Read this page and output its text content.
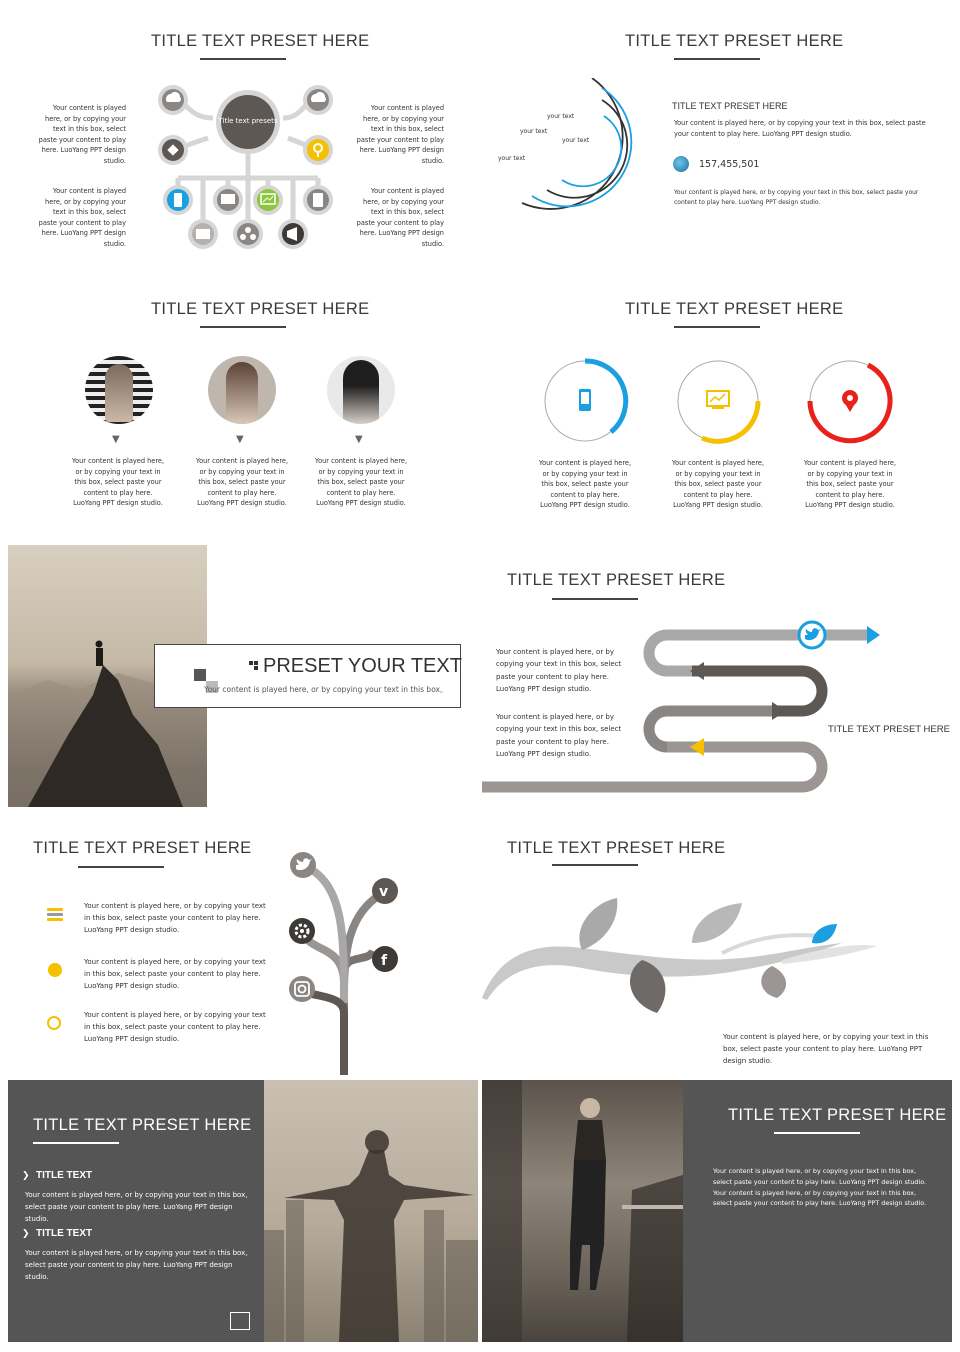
TITLE TEXT PRESET HERE
Your content is played here, or by copying your text in this box, select paste your content to play here. LuoYang PPT design studio.
Your content is played here, or by copying your text in this box, select paste your content to play here. LuoYang PPT design studio.
Your content is played here, or by copying your text in this box, select paste your content to play here. LuoYang PPT design studio.
Your content is played here, or by copying your text in this box, select paste your content to play here. LuoYang PPT design studio.
Title text presets
TITLE TEXT PRESET HERE
your text
your text
your text
your text
TITLE TEXT PRESET HERE
Your content is played here, or by copying your text in this box, select paste your content to play here. LuoYang PPT design studio.
157,455,501
Your content is played here, or by copying your text in this box, select paste your content to play here. LuoYang PPT design studio.
TITLE TEXT PRESET HERE
▼	▼	▼
Your content is played here, or by copying your text in this box, select paste your content to play here. LuoYang PPT design studio.
Your content is played here, or by copying your text in this box, select paste your content to play here. LuoYang PPT design studio.
Your content is played here, or by copying your text in this box, select paste your content to play here. LuoYang PPT design studio.
TITLE TEXT PRESET HERE
Your content is played here, or by copying your text in this box, select paste your content to play here. LuoYang PPT design studio.
Your content is played here, or by copying your text in this box, select paste your content to play here. LuoYang PPT design studio.
Your content is played here, or by copying your text in this box, select paste your content to play here. LuoYang PPT design studio.
PRESET YOUR TEXT
Your content is played here, or by copying your text in this box。
TITLE TEXT PRESET HERE
Your content is played here, or by copying your text in this box, select paste your content to play here. LuoYang PPT design studio.
Your content is played here, or by copying your text in this box, select paste your content to play here. LuoYang PPT design studio.
TITLE TEXT PRESET HERE
TITLE TEXT PRESET HERE
Your content is played here, or by copying your text in this box, select paste your content to play here. LuoYang PPT design studio.
Your content is played here, or by copying your text in this box, select paste your content to play here. LuoYang PPT design studio.
Your content is played here, or by copying your text in this box, select paste your content to play here. LuoYang PPT design studio.
v
f
TITLE TEXT PRESET HERE
Your content is played here, or by copying your text in this box, select paste your content to play here. LuoYang PPT design studio.
TITLE TEXT PRESET HERE
❯ TITLE TEXT
Your content is played here, or by copying your text in this box, select paste your content to play here. LuoYang PPT design studio.
❯ TITLE TEXT
Your content is played here, or by copying your text in this box, select paste your content to play here. LuoYang PPT design studio.
TITLE TEXT PRESET HERE
Your content is played here, or by copying your text in this box, select paste your content to play here. LuoYang PPT design studio. Your content is played here, or by copying your text in this box, select paste your content to play here. LuoYang PPT design studio.
